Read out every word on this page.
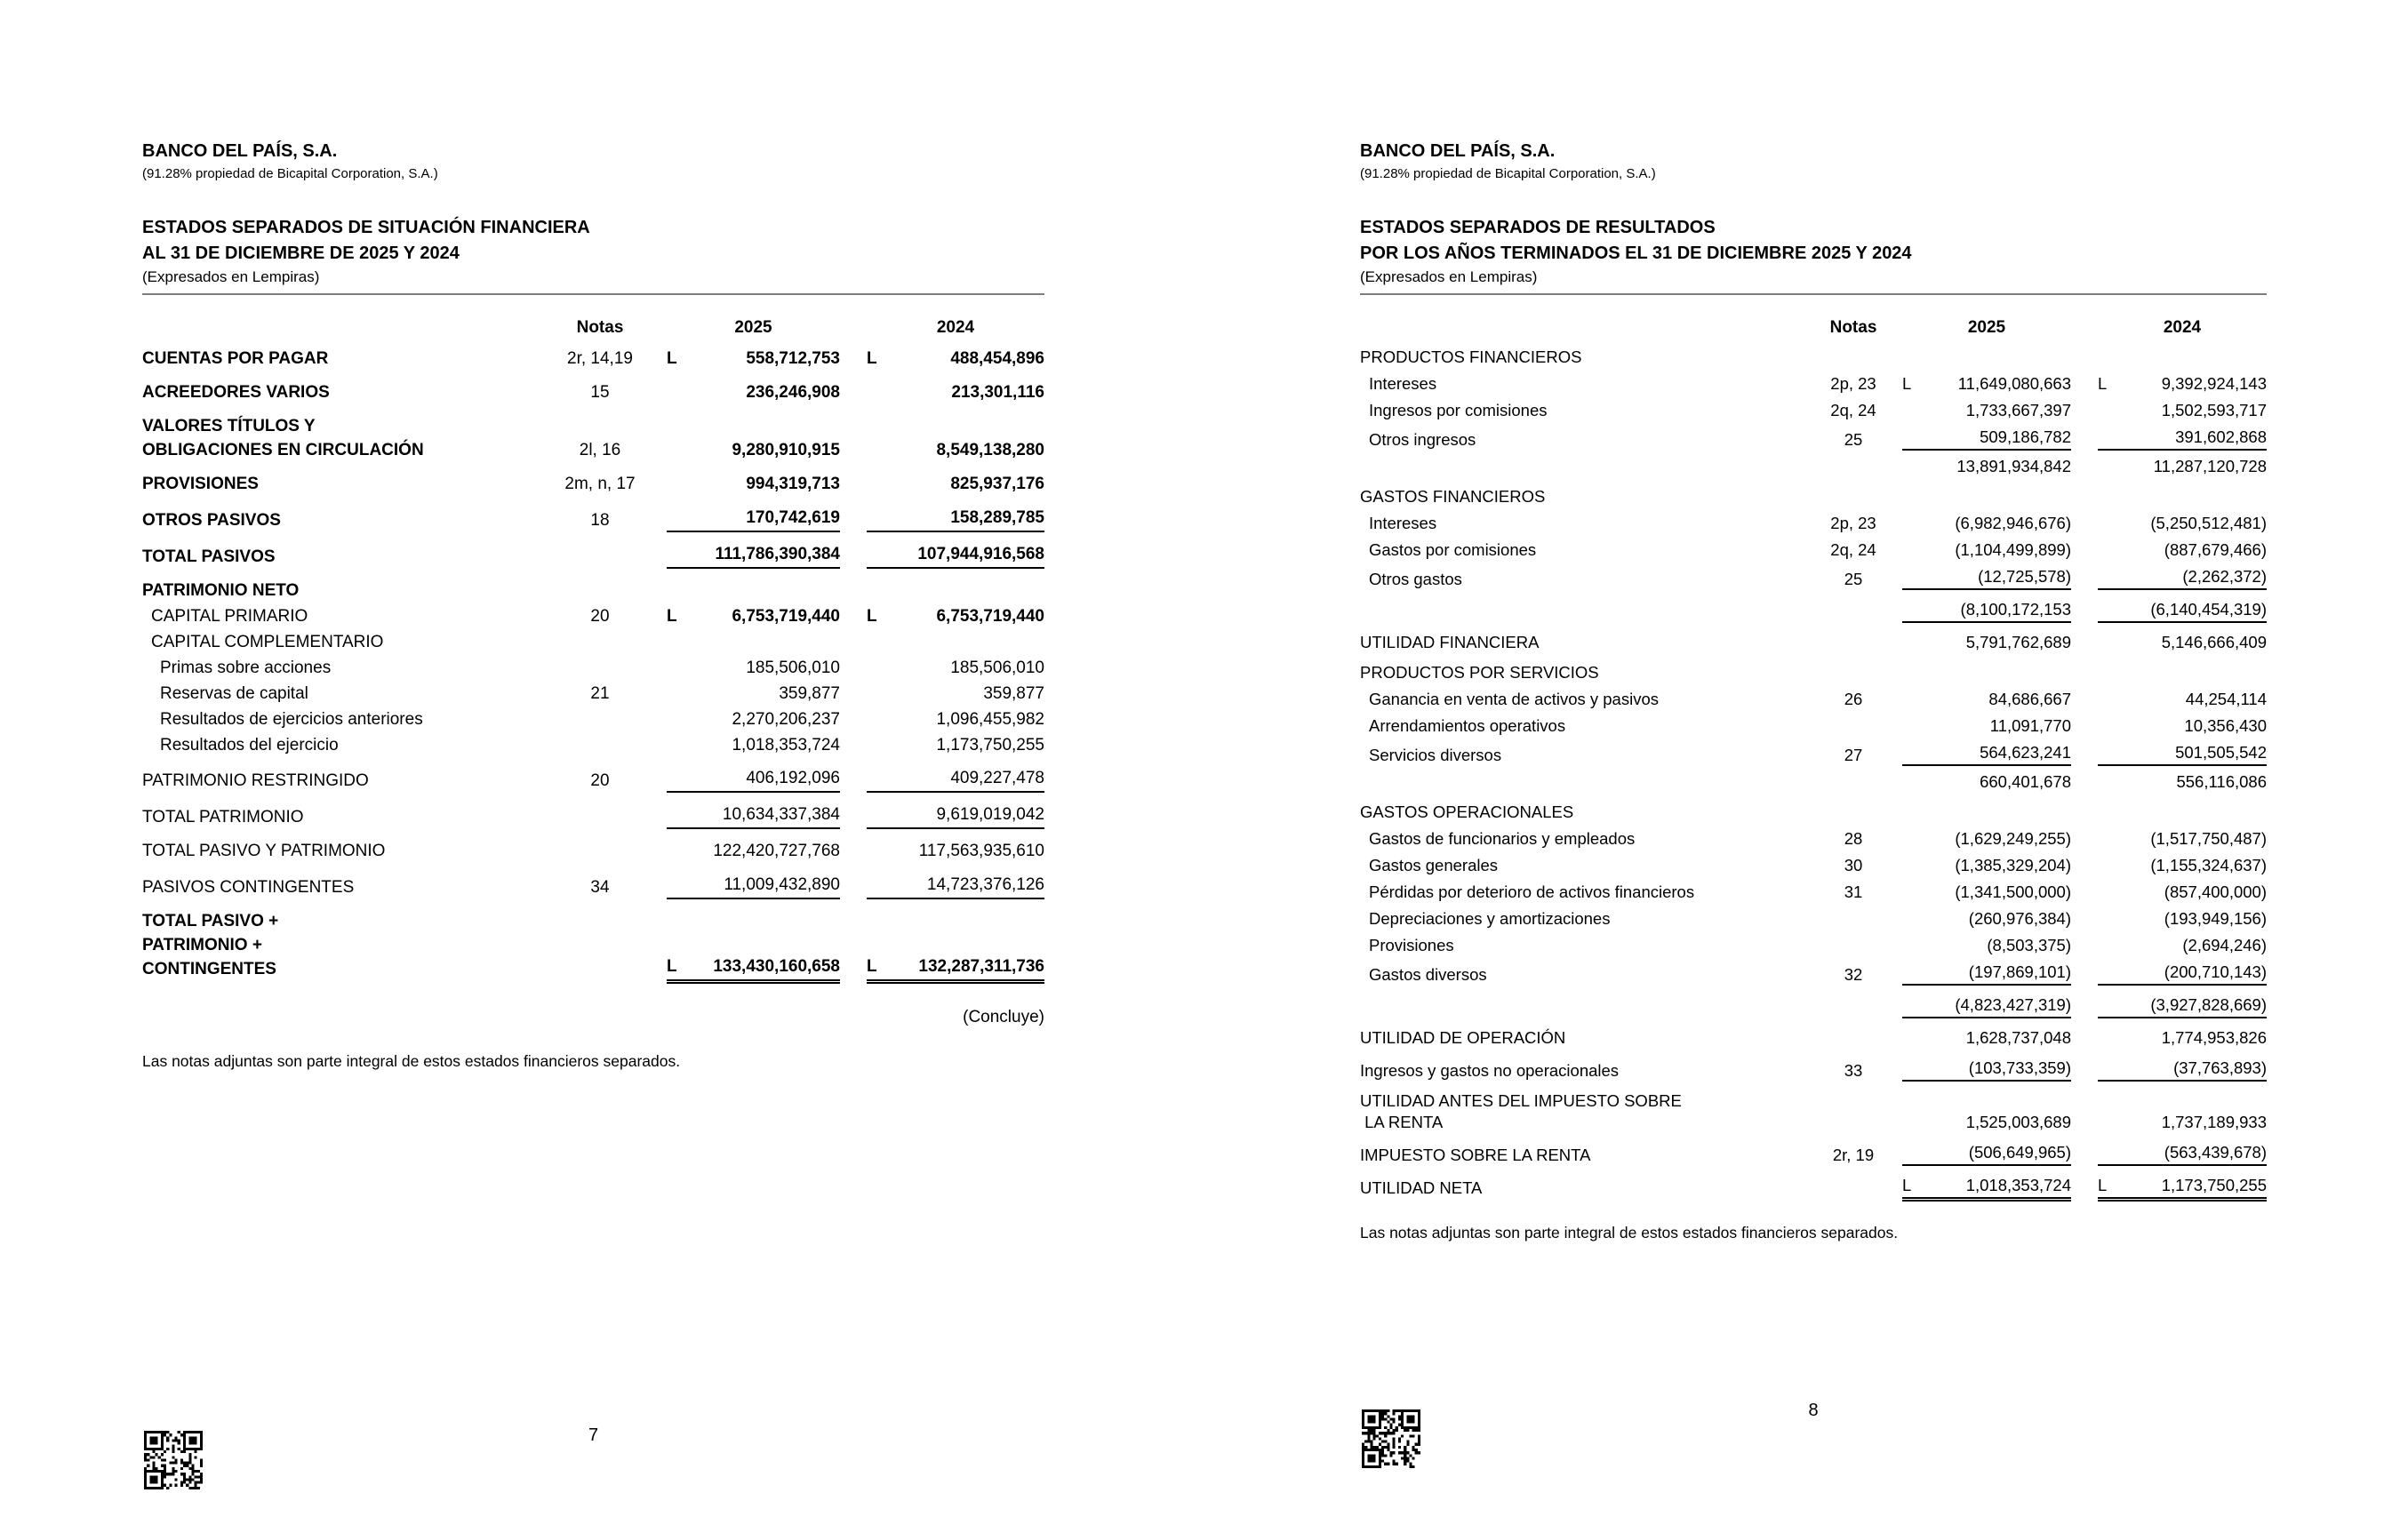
BANCO DEL PAÍS, S.A.
(91.28% propiedad de Bicapital Corporation, S.A.)
ESTADOS SEPARADOS DE SITUACIÓN FINANCIERA
AL 31 DE DICIEMBRE DE 2025 Y 2024
(Expresados en Lempiras)
Notas	2025	2024
CUENTAS POR PAGAR	2r, 14,19	L	558,712,753 L	488,454,896
ACREEDORES VARIOS	15	236,246,908	213,301,116
VALORES TÍTULOS Y
OBLIGACIONES EN CIRCULACIÓN	2l, 16	9,280,910,915	8,549,138,280
PROVISIONES	2m, n, 17	994,319,713	825,937,176
OTROS PASIVOS	18	170,742,619	158,289,785
TOTAL PASIVOS	111,786,390,384	107,944,916,568
PATRIMONIO NETO
CAPITAL PRIMARIO	20	L	6,753,719,440 L	6,753,719,440
CAPITAL COMPLEMENTARIO
Primas sobre acciones	185,506,010	185,506,010
Reservas de capital	21	359,877	359,877
Resultados de ejercicios anteriores	2,270,206,237	1,096,455,982
Resultados del ejercicio	1,018,353,724	1,173,750,255
PATRIMONIO RESTRINGIDO	20	406,192,096	409,227,478
TOTAL PATRIMONIO	10,634,337,384	9,619,019,042
TOTAL PASIVO Y PATRIMONIO	122,420,727,768	117,563,935,610
PASIVOS CONTINGENTES	34	11,009,432,890	14,723,376,126
TOTAL PASIVO +
PATRIMONIO +
CONTINGENTES	L	133,430,160,658 L	132,287,311,736
(Concluye)
Las notas adjuntas son parte integral de estos estados financieros separados.
BANCO DEL PAÍS, S.A.
(91.28% propiedad de Bicapital Corporation, S.A.)
ESTADOS SEPARADOS DE RESULTADOS
POR LOS AÑOS TERMINADOS EL 31 DE DICIEMBRE 2025 Y 2024
(Expresados en Lempiras)
Notas	2025	2024
PRODUCTOS FINANCIEROS
Intereses	2p, 23	L	11,649,080,663 L	9,392,924,143
Ingresos por comisiones	2q, 24	1,733,667,397	1,502,593,717
Otros ingresos	25	509,186,782	391,602,868
13,891,934,842	11,287,120,728
GASTOS FINANCIEROS
Intereses	2p, 23	(6,982,946,676)	(5,250,512,481)
Gastos por comisiones	2q, 24	(1,104,499,899)	(887,679,466)
Otros gastos	25	(12,725,578)	(2,262,372)
(8,100,172,153	(6,140,454,319)
UTILIDAD FINANCIERA	5,791,762,689	5,146,666,409
PRODUCTOS POR SERVICIOS
Ganancia en venta de activos y pasivos	26	84,686,667	44,254,114
Arrendamientos operativos	11,091,770	10,356,430
Servicios diversos	27	564,623,241	501,505,542
660,401,678	556,116,086
GASTOS OPERACIONALES
Gastos de funcionarios y empleados	28	(1,629,249,255)	(1,517,750,487)
Gastos generales	30	(1,385,329,204)	(1,155,324,637)
Pérdidas por deterioro de activos financieros	31	(1,341,500,000)	(857,400,000)
Depreciaciones y amortizaciones	(260,976,384)	(193,949,156)
Provisiones	(8,503,375)	(2,694,246)
Gastos diversos	32	(197,869,101)	(200,710,143)
(4,823,427,319)	(3,927,828,669)
UTILIDAD DE OPERACIÓN	1,628,737,048	1,774,953,826
Ingresos y gastos no operacionales	33	(103,733,359)	(37,763,893)
UTILIDAD ANTES DEL IMPUESTO SOBRE
LA RENTA	1,525,003,689	1,737,189,933
IMPUESTO SOBRE LA RENTA	2r, 19	(506,649,965)	(563,439,678)
UTILIDAD NETA	L	1,018,353,724 L	1,173,750,255
Las notas adjuntas son parte integral de estos estados financieros separados.
7
8
